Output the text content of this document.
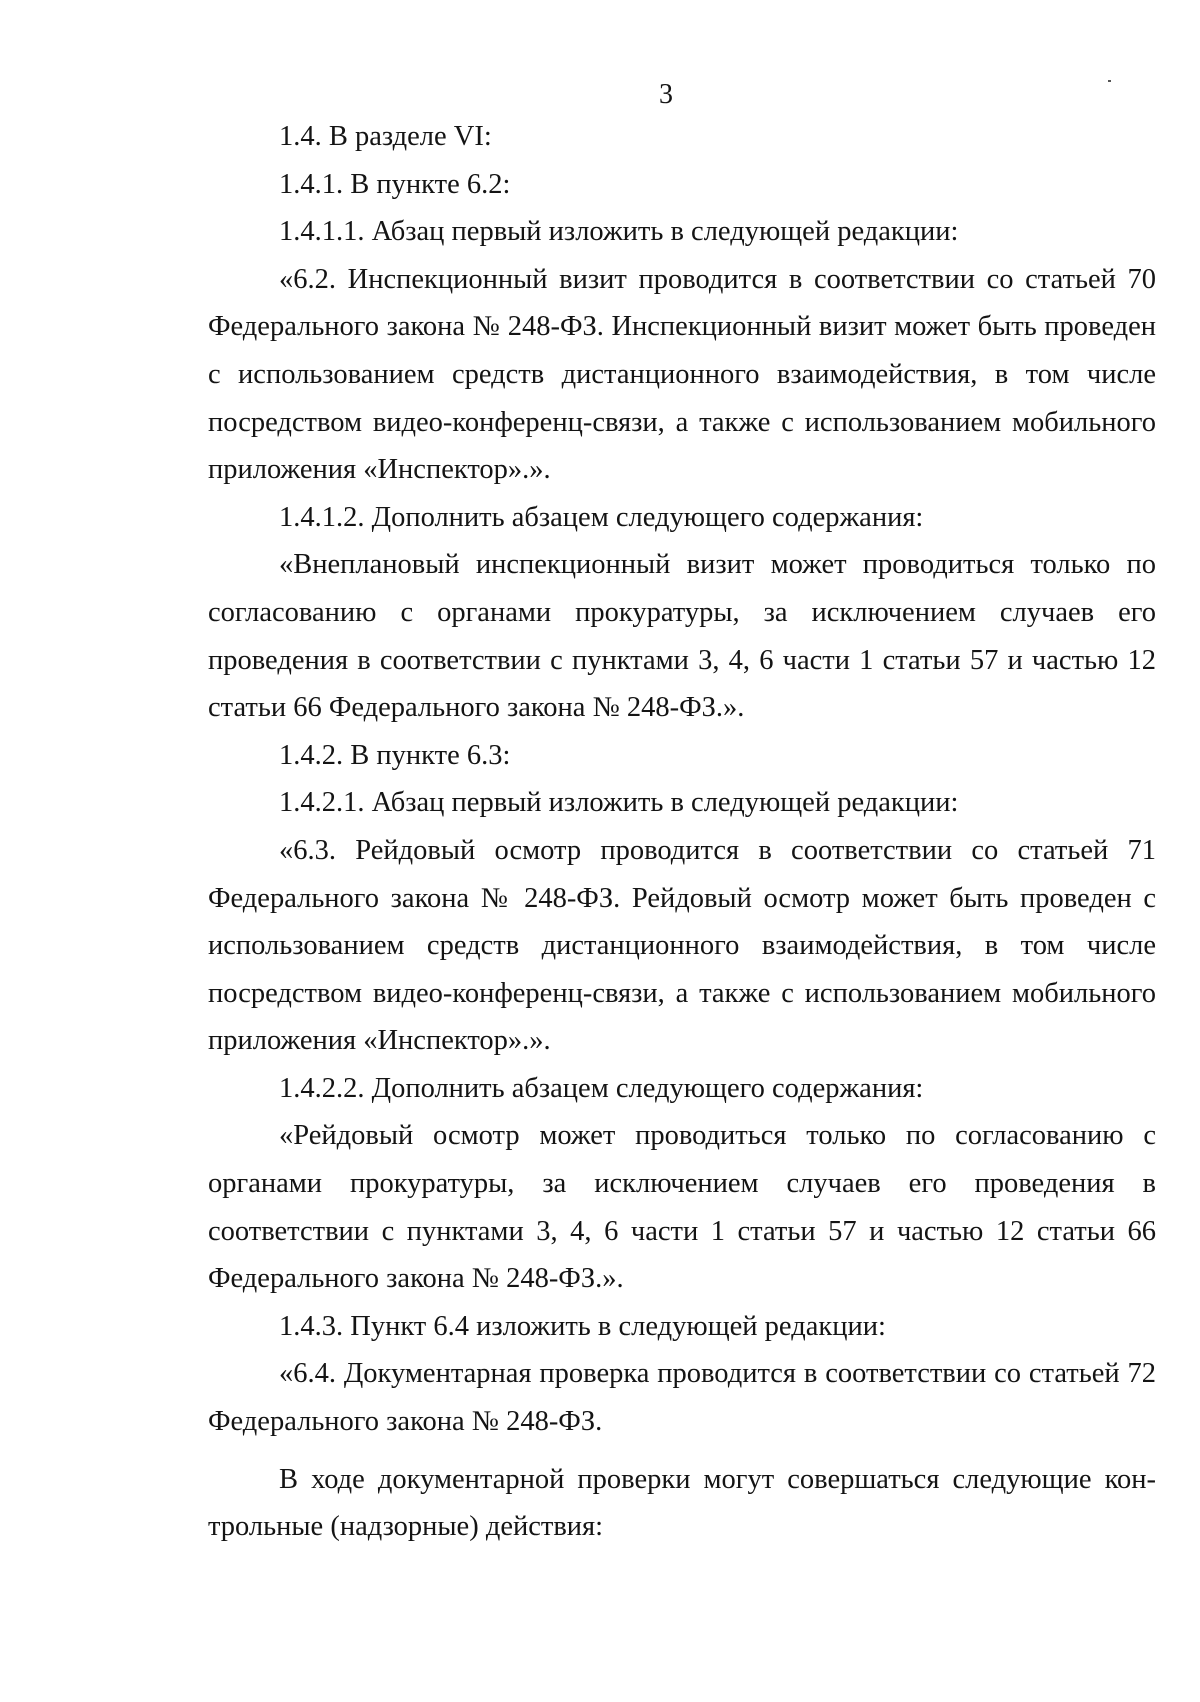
3

1.4. В разделе VI:

1.4.1. В пункте 6.2:

1.4.1.1. Абзац первый изложить в следующей редакции:

«6.2. Инспекционный визит проводится в соответствии со статьей 70 Федерального закона № 248-ФЗ. Инспекционный визит может быть проведен с использованием средств дистанционного взаимодействия, в том числе посредством видео-конференц-связи, а также с использованием мобильного приложения «Инспектор».».

1.4.1.2. Дополнить абзацем следующего содержания:

«Внеплановый инспекционный визит может проводиться только по согласованию с органами прокуратуры, за исключением случаев его проведения в соответствии с пунктами 3, 4, 6 части 1 статьи 57 и частью 12 статьи 66 Федерального закона № 248-ФЗ.».

1.4.2. В пункте 6.3:

1.4.2.1. Абзац первый изложить в следующей редакции:

«6.3. Рейдовый осмотр проводится в соответствии со статьей 71 Федерального закона № 248-ФЗ. Рейдовый осмотр может быть проведен с использованием средств дистанционного взаимодействия, в том числе посредством видео-конференц-связи, а также с использованием мобильного приложения «Инспектор».».

1.4.2.2. Дополнить абзацем следующего содержания:

«Рейдовый осмотр может проводиться только по согласованию с органами прокуратуры, за исключением случаев его проведения в соответствии с пунктами 3, 4, 6 части 1 статьи 57 и частью 12 статьи 66 Федерального закона № 248-ФЗ.».

1.4.3. Пункт 6.4 изложить в следующей редакции:

«6.4. Документарная проверка проводится в соответствии со статьей 72 Федерального закона № 248-ФЗ.

В ходе документарной проверки могут совершаться следующие контрольные (надзорные) действия:
